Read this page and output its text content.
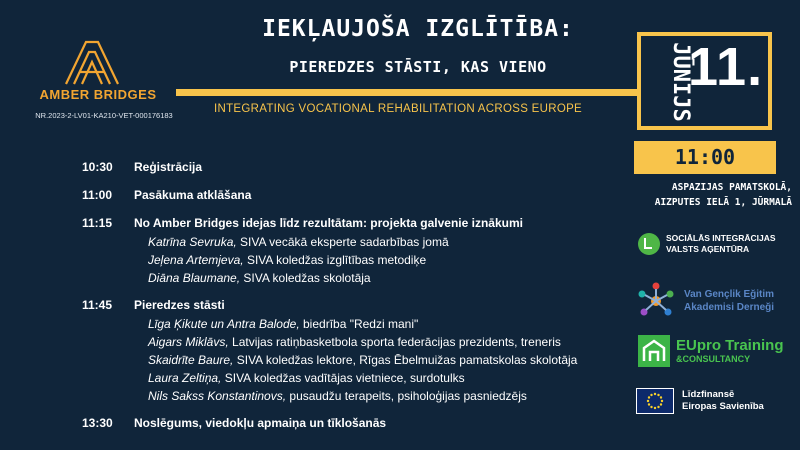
AMBER BRIDGES
NR.2023-2-LV01-KA210-VET-000176183
IEKĻAUJOŠA IZGLĪTĪBA:
PIEREDZES STĀSTI, KAS VIENO
INTEGRATING VOCATIONAL REHABILITATION ACROSS EUROPE	JŪNIJS
11.
11:00
ASPAZIJAS PAMATSKOLĀ,
AIZPUTES IELĀ 1, JŪRMALĀ
10:30	Reģistrācija
11:00	Pasākuma atklāšana
11:15	No Amber Bridges idejas līdz rezultātam: projekta galvenie iznākumi
Katrīna Sevruka, SIVA vecākā eksperte sadarbības jomā
Jeļena Artemjeva, SIVA koledžas izglītības metodiķe
Diāna Blaumane, SIVA koledžas skolotāja
11:45	Pieredzes stāsti
Līga Ķikute un Antra Balode, biedrība "Redzi mani"
Aigars Miklāvs, Latvijas ratiņbasketbola sporta federācijas prezidents, treneris
Skaidrīte Baure, SIVA koledžas lektore, Rīgas Ēbelmuižas pamatskolas skolotāja
Laura Zeltiņa, SIVA koledžas vadītājas vietniece, surdotulks
Nils Sakss Konstantinovs, pusaudžu terapeits, psiholoģijas pasniedzējs
13:30	Noslēgums, viedokļu apmaiņa un tīklošanās
SOCIĀLĀS INTEGRĀCIJAS
VALSTS AĢENTŪRA
Van Gençlik Eğitim
Akademisi Derneği
EUpro Training
&CONSULTANCY
Līdzfinansē
Eiropas Savienība
